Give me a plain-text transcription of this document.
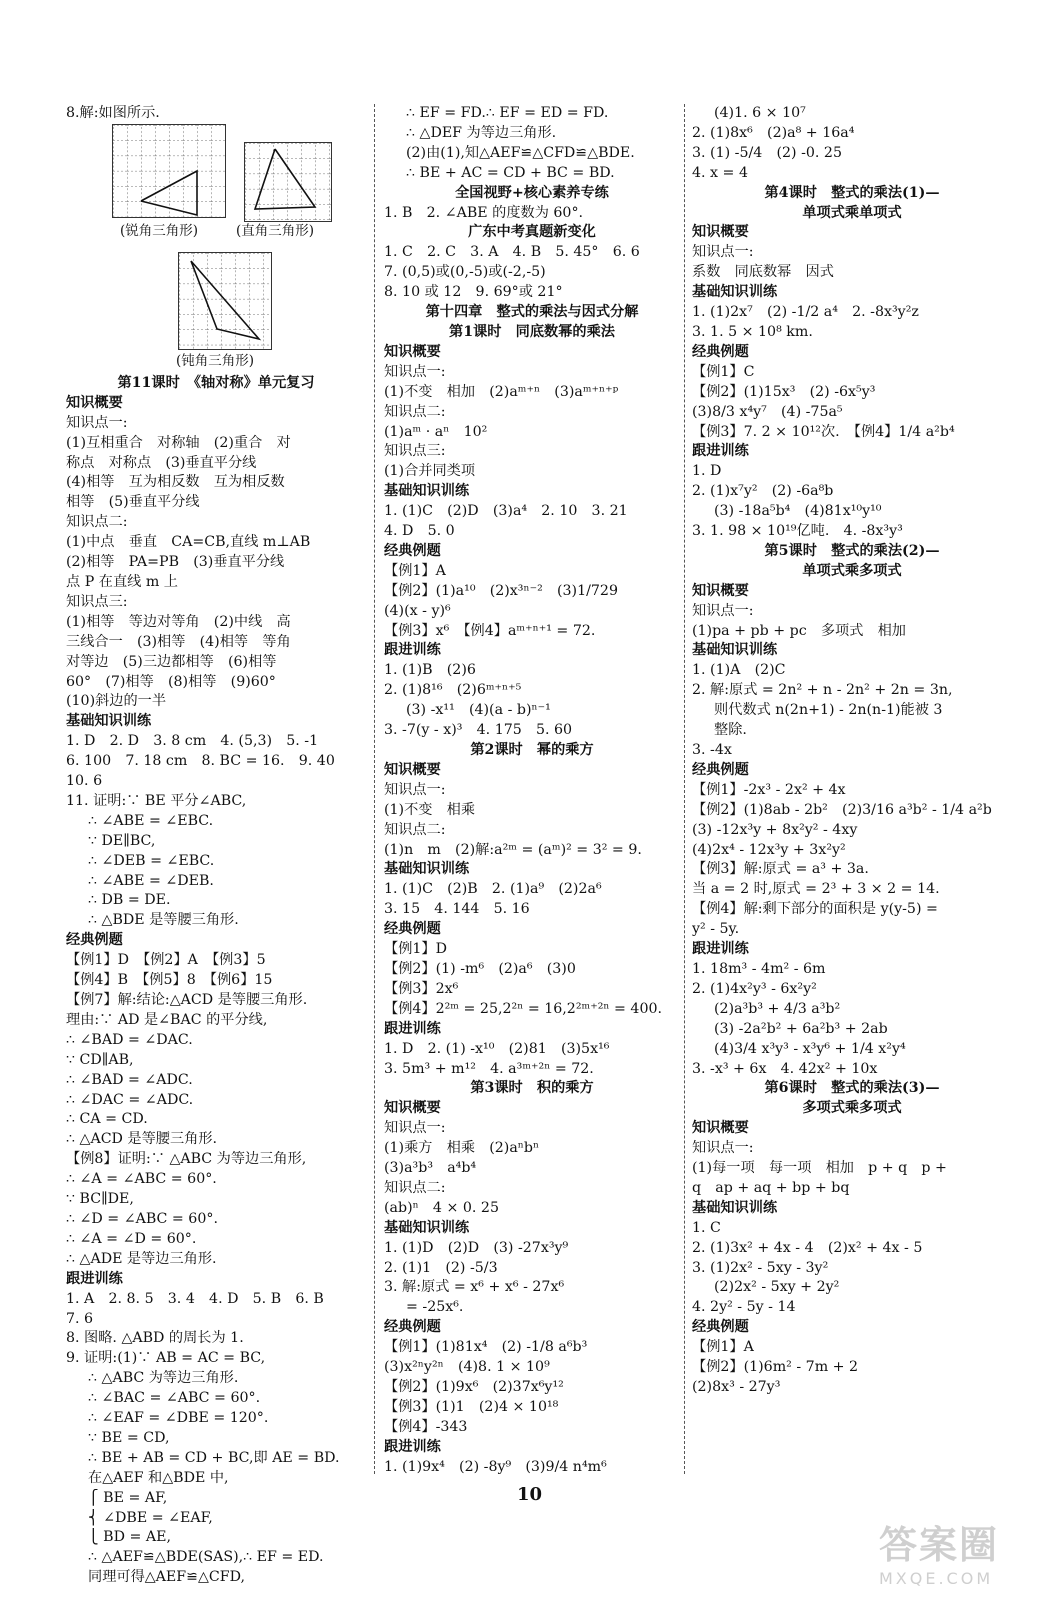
8.解:如图所示.
(锐角三角形)	(直角三角形)
(钝角三角形)
第11课时　《轴对称》单元复习
知识概要
知识点一:
(1)互相重合　对称轴　(2)重合　对
称点　对称点　(3)垂直平分线
(4)相等　互为相反数　互为相反数
相等　(5)垂直平分线
知识点二:
(1)中点　垂直　CA=CB,直线 m⊥AB
(2)相等　PA=PB　(3)垂直平分线
点 P 在直线 m 上
知识点三:
(1)相等　等边对等角　(2)中线　高
三线合一　(3)相等　(4)相等　等角
对等边　(5)三边都相等　(6)相等
60°　(7)相等　(8)相等　(9)60°
(10)斜边的一半
基础知识训练
1. D　2. D　3. 8 cm　4. (5,3)　5. -1
6. 100　7. 18 cm　8. BC = 16.　9. 40
10. 6
11. 证明:∵ BE 平分∠ABC,
∴ ∠ABE = ∠EBC.
∵ DE∥BC,
∴ ∠DEB = ∠EBC.
∴ ∠ABE = ∠DEB.
∴ DB = DE.
∴ △BDE 是等腰三角形.
经典例题
【例1】D　【例2】A　【例3】5
【例4】B　【例5】8　【例6】15
【例7】解:结论:△ACD 是等腰三角形.
理由:∵ AD 是∠BAC 的平分线,
∴ ∠BAD = ∠DAC.
∵ CD∥AB,
∴ ∠BAD = ∠ADC.
∴ ∠DAC = ∠ADC.
∴ CA = CD.
∴ △ACD 是等腰三角形.
【例8】证明:∵ △ABC 为等边三角形,
∴ ∠A = ∠ABC = 60°.
∵ BC∥DE,
∴ ∠D = ∠ABC = 60°.
∴ ∠A = ∠D = 60°.
∴ △ADE 是等边三角形.
跟进训练
1. A　2. 8. 5　3. 4　4. D　5. B　6. B
7. 6
8. 图略. △ABD 的周长为 1.
9. 证明:(1)∵ AB = AC = BC,
∴ △ABC 为等边三角形.
∴ ∠BAC = ∠ABC = 60°.
∴ ∠EAF = ∠DBE = 120°.
∵ BE = CD,
∴ BE + AB = CD + BC,即 AE = BD.
在△AEF 和△BDE 中,
⎧ BE = AF,
⎨ ∠DBE = ∠EAF,
⎩ BD = AE,
∴ △AEF≌△BDE(SAS),∴ EF = ED.
同理可得△AEF≌△CFD,
∴ EF = FD.∴ EF = ED = FD.
∴ △DEF 为等边三角形.
(2)由(1),知△AEF≌△CFD≌△BDE.
∴ BE + AC = CD + BC = BD.
全国视野+核心素养专练
1. B　2. ∠ABE 的度数为 60°.
广东中考真题新变化
1. C　2. C　3. A　4. B　5. 45°　6. 6
7. (0,5)或(0,-5)或(-2,-5)
8. 10 或 12　9. 69°或 21°
第十四章　整式的乘法与因式分解
第1课时　同底数幂的乘法
知识概要
知识点一:
(1)不变　相加　(2)aᵐ⁺ⁿ　(3)aᵐ⁺ⁿ⁺ᵖ
知识点二:
(1)aᵐ · aⁿ　10²
知识点三:
(1)合并同类项
基础知识训练
1. (1)C　(2)D　(3)a⁴　2. 10　3. 21
4. D　5. 0
经典例题
【例1】A
【例2】(1)a¹⁰　(2)x³ⁿ⁻²　(3)1/729
(4)(x - y)⁶
【例3】x⁶　【例4】aᵐ⁺ⁿ⁺¹ = 72.
跟进训练
1. (1)B　(2)6
2. (1)8¹⁶　(2)6ᵐ⁺ⁿ⁺⁵
(3) -x¹¹　(4)(a - b)ⁿ⁻¹
3. -7(y - x)³　4. 175　5. 60
第2课时　幂的乘方
知识概要
知识点一:
(1)不变　相乘
知识点二:
(1)n　m　(2)解:a²ᵐ = (aᵐ)² = 3² = 9.
基础知识训练
1. (1)C　(2)B　2. (1)a⁹　(2)2a⁶
3. 15　4. 144　5. 16
经典例题
【例1】D
【例2】(1) -m⁶　(2)a⁶　(3)0
【例3】2x⁶
【例4】2²ᵐ = 25,2²ⁿ = 16,2²ᵐ⁺²ⁿ = 400.
跟进训练
1. D　2. (1) -x¹⁰　(2)81　(3)5x¹⁶
3. 5m³ + m¹²　4. a³ᵐ⁺²ⁿ = 72.
第3课时　积的乘方
知识概要
知识点一:
(1)乘方　相乘　(2)aⁿbⁿ
(3)a³b³　a⁴b⁴
知识点二:
(ab)ⁿ　4 × 0. 25
基础知识训练
1. (1)D　(2)D　(3) -27x³y⁹
2. (1)1　(2) -5/3
3. 解:原式 = x⁶ + x⁶ - 27x⁶
= -25x⁶.
经典例题
【例1】(1)81x⁴　(2) -1/8 a⁶b³
(3)x²ⁿy²ⁿ　(4)8. 1 × 10⁹
【例2】(1)9x⁶　(2)37x⁶y¹²
【例3】(1)1　(2)4 × 10¹⁸
【例4】-343
跟进训练
1. (1)9x⁴　(2) -8y⁹　(3)9/4 n⁴m⁶
(4)1. 6 × 10⁷
2. (1)8x⁶　(2)a⁸ + 16a⁴
3. (1) -5/4　(2) -0. 25
4. x = 4
第4课时　整式的乘法(1)—
单项式乘单项式
知识概要
知识点一:
系数　同底数幂　因式
基础知识训练
1. (1)2x⁷　(2) -1/2 a⁴　2. -8x³y²z
3. 1. 5 × 10⁸ km.
经典例题
【例1】C
【例2】(1)15x³　(2) -6x⁵y³
(3)8/3 x⁴y⁷　(4) -75a⁵
【例3】7. 2 × 10¹²次.　【例4】1/4 a²b⁴
跟进训练
1. D
2. (1)x⁷y²　(2) -6a⁸b
(3) -18a⁵b⁴　(4)81x¹⁰y¹⁰
3. 1. 98 × 10¹⁹亿吨.　4. -8x³y³
第5课时　整式的乘法(2)—
单项式乘多项式
知识概要
知识点一:
(1)pa + pb + pc　多项式　相加
基础知识训练
1. (1)A　(2)C
2. 解:原式 = 2n² + n - 2n² + 2n = 3n,
则代数式 n(2n+1) - 2n(n-1)能被 3
整除.
3. -4x
经典例题
【例1】-2x³ - 2x² + 4x
【例2】(1)8ab - 2b²　(2)3/16 a³b² - 1/4 a²b
(3) -12x³y + 8x²y² - 4xy
(4)2x⁴ - 12x³y + 3x²y²
【例3】解:原式 = a³ + 3a.
当 a = 2 时,原式 = 2³ + 3 × 2 = 14.
【例4】解:剩下部分的面积是 y(y-5) =
y² - 5y.
跟进训练
1. 18m³ - 4m² - 6m
2. (1)4x²y³ - 6x²y²
(2)a³b³ + 4/3 a³b²
(3) -2a²b² + 6a²b³ + 2ab
(4)3/4 x³y³ - x³y⁶ + 1/4 x²y⁴
3. -x³ + 6x　4. 42x² + 10x
第6课时　整式的乘法(3)—
多项式乘多项式
知识概要
知识点一:
(1)每一项　每一项　相加　p + q　p +
q　ap + aq + bp + bq
基础知识训练
1. C
2. (1)3x² + 4x - 4　(2)x² + 4x - 5
3. (1)2x² - 5xy - 3y²
(2)2x² - 5xy + 2y²
4. 2y² - 5y - 14
经典例题
【例1】A
【例2】(1)6m² - 7m + 2
(2)8x³ - 27y³
10
答案圈
MXQE.COM
